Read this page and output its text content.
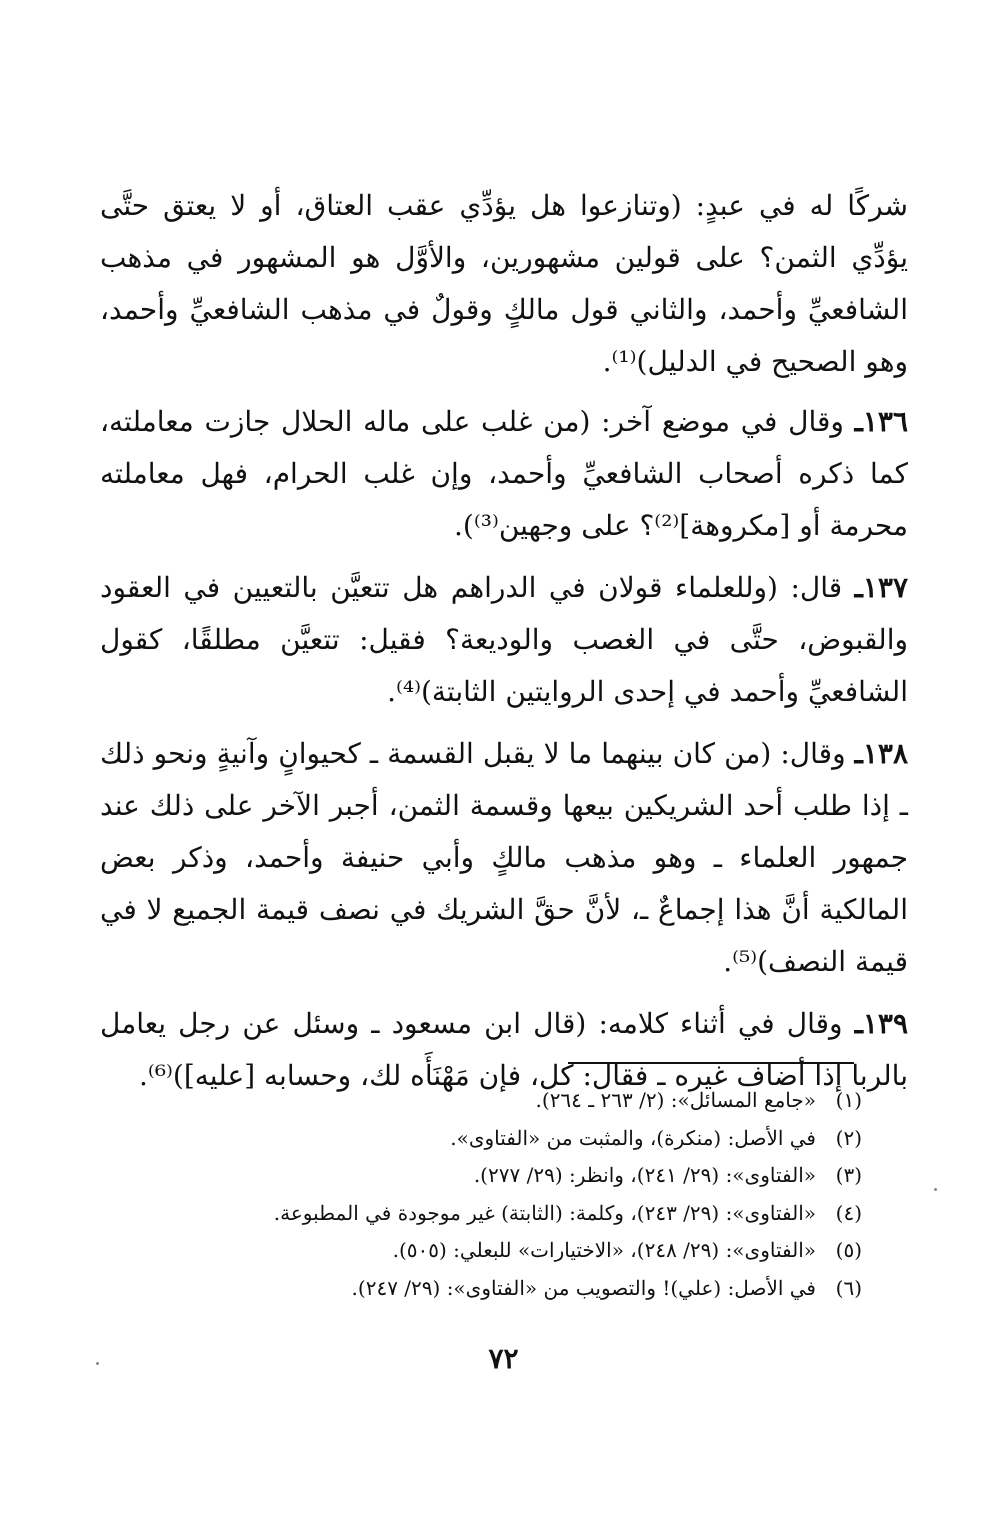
شركًا له في عبدٍ: (وتنازعوا هل يؤدِّي عقب العتاق، أو لا يعتق حتَّى يؤدِّي الثمن؟ على قولين مشهورين، والأوَّل هو المشهور في مذهب الشافعيِّ وأحمد، والثاني قول مالكٍ وقولٌ في مذهب الشافعيِّ وأحمد، وهو الصحيح في الدليل)⁽¹⁾.

١٣٦ـ وقال في موضع آخر: (من غلب على ماله الحلال جازت معاملته، كما ذكره أصحاب الشافعيِّ وأحمد، وإن غلب الحرام، فهل معاملته محرمة أو [مكروهة]⁽²⁾؟ على وجهين⁽³⁾).

١٣٧ـ قال: (وللعلماء قولان في الدراهم هل تتعيَّن بالتعيين في العقود والقبوض، حتَّى في الغصب والوديعة؟ فقيل: تتعيَّن مطلقًا، كقول الشافعيِّ وأحمد في إحدى الروايتين الثابتة)⁽⁴⁾.

١٣٨ـ وقال: (من كان بينهما ما لا يقبل القسمة ـ كحيوانٍ وآنيةٍ ونحو ذلك ـ إذا طلب أحد الشريكين بيعها وقسمة الثمن، أجبر الآخر على ذلك عند جمهور العلماء ـ وهو مذهب مالكٍ وأبي حنيفة وأحمد، وذكر بعض المالكية أنَّ هذا إجماعٌ ـ، لأنَّ حقَّ الشريك في نصف قيمة الجميع لا في قيمة النصف)⁽⁵⁾.

١٣٩ـ وقال في أثناء كلامه: (قال ابن مسعود ـ وسئل عن رجل يعامل بالربا إذا أضاف غيره ـ فقال: كل، فإن مَهْنَأَه لك، وحسابه [عليه])⁽⁶⁾.

(١)
«جامع المسائل»: (٢/ ٢٦٣ ـ ٢٦٤).
(٢)
في الأصل: (منكرة)، والمثبت من «الفتاوى».
(٣)
«الفتاوى»: (٢٩/ ٢٤١)، وانظر: (٢٩/ ٢٧٧).
(٤)
«الفتاوى»: (٢٩/ ٢٤٣)، وكلمة: (الثابتة) غير موجودة في المطبوعة.
(٥)
«الفتاوى»: (٢٩/ ٢٤٨)، «الاختيارات» للبعلي: (٥٠٥).
(٦)
في الأصل: (علي)! والتصويب من «الفتاوى»: (٢٩/ ٢٤٧).
٧٢
